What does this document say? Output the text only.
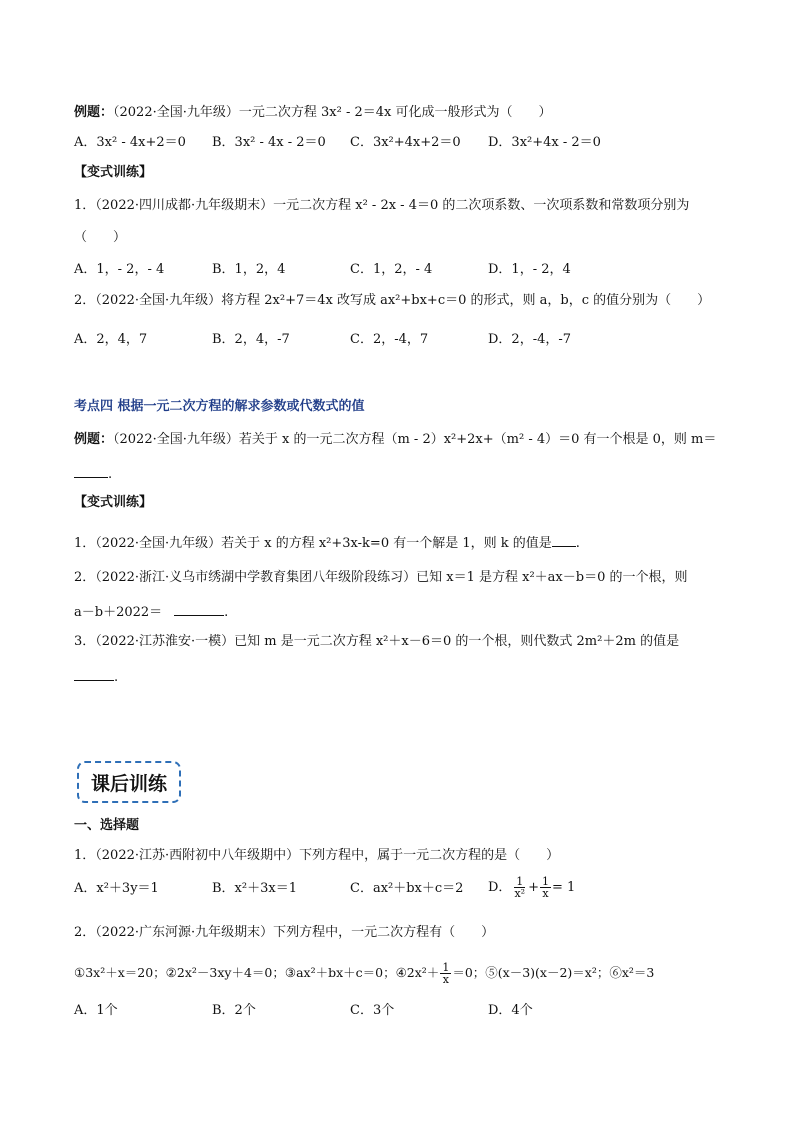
例题：（2022·全国·九年级）一元二次方程 3x² - 2＝4x 可化成一般形式为（　　）
A．3x² - 4x+2＝0 B．3x² - 4x - 2＝0 C．3x²+4x+2＝0 D．3x²+4x - 2＝0
【变式训练】
1．（2022·四川成都·九年级期末）一元二次方程 x² - 2x - 4＝0 的二次项系数、一次项系数和常数项分别为
（　　）
A．1，- 2，- 4	B．1，2，4	C．1，2，- 4	D．1，- 2，4
2．（2022·全国·九年级）将方程 2x²+7＝4x 改写成 ax²+bx+c＝0 的形式，则 a，b，c 的值分别为（　　）
A．2，4，7	B．2，4，-7	C．2，-4，7	D．2，-4，-7
考点四 根据一元二次方程的解求参数或代数式的值
例题：（2022·全国·九年级）若关于 x 的一元二次方程（m - 2）x²+2x+（m² - 4）＝0 有一个根是 0，则 m＝
.
【变式训练】
1．（2022·全国·九年级）若关于 x 的方程 x²+3x-k=0 有一个解是 1，则 k 的值是 .
2．（2022·浙江·义乌市绣湖中学教育集团八年级阶段练习）已知 x＝1 是方程 x²＋ax－b＝0 的一个根，则
a－b＋2022＝	.
3．（2022·江苏淮安·一模）已知 m 是一元二次方程 x²＋x－6＝0 的一个根，则代数式 2m²＋2m 的值是
.
课后训练
一、选择题
1．（2022·江苏·西附初中八年级期中）下列方程中，属于一元二次方程的是（　　）
A．x²＋3y＝1	B．x²＋3x＝1	C．ax²＋bx＋c＝2 D． $\frac{1}{\text{x²}} + \frac{1}{x} = 1$
2．（2022·广东河源·九年级期末）下列方程中，一元二次方程有（　　）
①3x²＋x＝20；②2x²－3xy＋4＝0；③ax²＋bx＋c＝0；④2x²＋ $\frac{1}{x} =0$；⑤(x－3)(x－2)＝x²；⑥x²＝3
A．1个	B．2个	C．3个	D．4个
